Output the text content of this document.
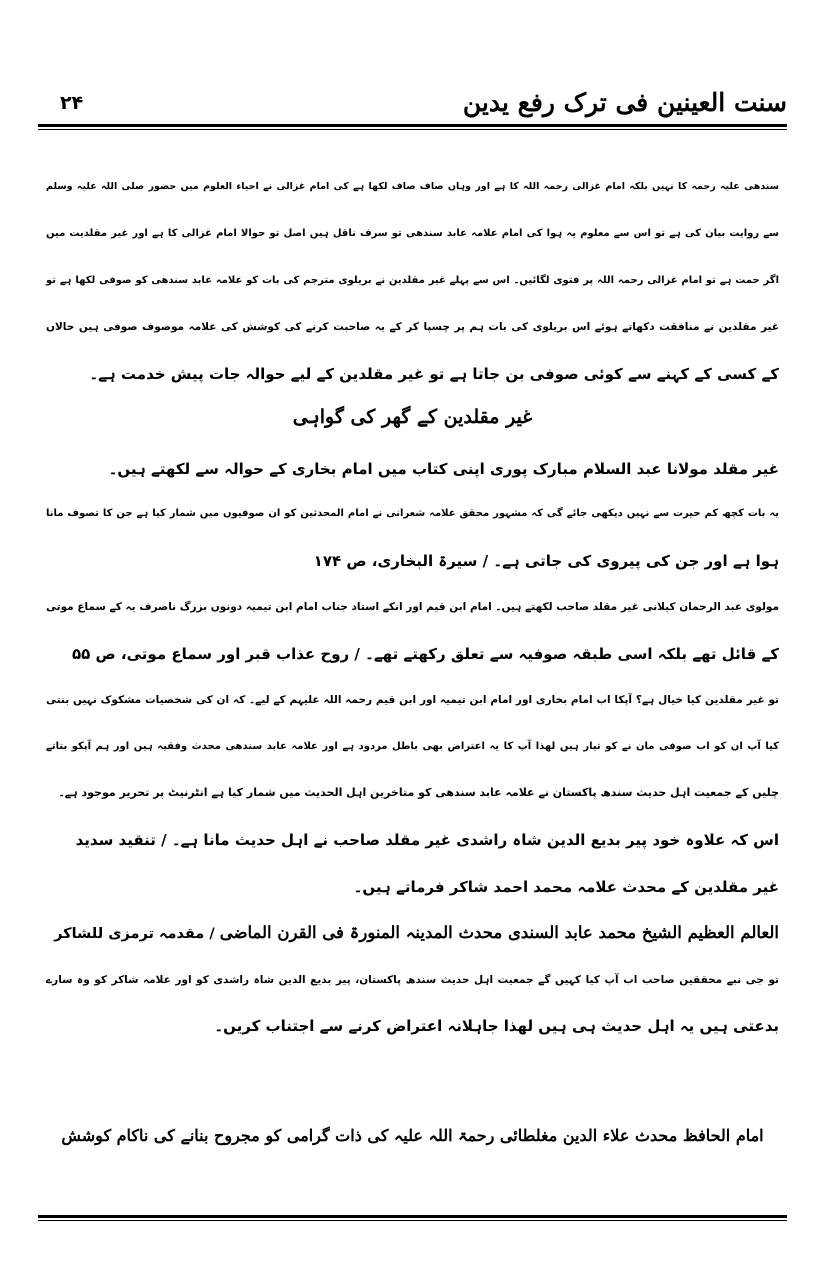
سنت العینین فی ترک رفع یدین
۲۴
سندھی علیہ رحمہ کا نہیں بلکہ امام غزالی رحمہ اللہ کا ہے اور وہاں صاف صاف لکھا ہے کی امام غزالی نے احیاء العلوم میں حضور صلی اللہ علیہ وسلم
سے روایت بیان کی ہے تو اس سے معلوم یہ ہوا کی امام علامہ عابد سندھی تو سرف ناقل ہیں اصل تو حوالا امام غزالی کا ہے اور غیر مقلدیت میں
اگر حمت ہے تو امام غزالی رحمہ اللہ پر فتوی لگائیں۔ اس سے پہلے غیر مقلدین نے بریلوی مترجم کی بات کو علامہ عابد سندھی کو صوفی لکھا ہے تو
غیر مقلدین نے منافقت دکھاتے ہوئے اس بریلوی کی بات ہم پر چسپا کر کے یہ صاحبت کرنے کی کوشش کی علامہ موصوف صوفی ہیں حالاں
کے کسی کے کہنے سے کوئی صوفی بن جاتا ہے تو غیر مقلدین کے لیے حوالہ جات پیش خدمت ہے۔
غیر مقلدین کے گھر کی گواہی
غیر مقلد مولانا عبد السلام مبارک پوری اپنی کتاب میں امام بخاری کے حوالہ سے لکھتے ہیں۔
یہ بات کچھ کم حیرت سے نہیں دیکھی جائے گی کہ مشہور محقق علامہ شعرانی نے امام المحدثین کو ان صوفیوں میں شمار کیا ہے جن کا تصوف مانا
ہوا ہے اور جن کی پیروی کی جاتی ہے۔ / سیرۃ البخاری، ص ۱۷۴
مولوی عبد الرحمان کیلانی غیر مقلد صاحب لکھتے ہیں۔ امام ابن قیم اور انکے استاد جناب امام ابن تیمیہ دونوں بزرگ ناصرف یہ کے سماع موتی
کے قائل تھے بلکہ اسی طبقہ صوفیہ سے تعلق رکھتے تھے۔ / روح عذاب قبر اور سماع موتی، ص ۵۵
تو غیر مقلدین کیا خیال ہے؟ آپکا اب امام بخاری اور امام ابن تیمیہ اور ابن قیم رحمہ اللہ علیہم کے لیے۔ کہ ان کی شخصیات مشکوک نہیں بنتی
کیا آپ ان کو اب صوفی مان نے کو تیار ہیں لھذا آپ کا یہ اعتراض بھی باطل مردود ہے اور علامہ عابد سندھی محدث وفقیہ ہیں اور ہم آپکو بتاتے
چلیں کے جمعیت اہل حدیث سندھ پاکستان نے علامہ عابد سندھی کو متاخرین اہل الحدیث میں شمار کیا ہے انٹرنیٹ پر تحریر موجود ہے۔
اس کہ علاوہ خود پیر بدیع الدین شاہ راشدی غیر مقلد صاحب نے اہل حدیث مانا ہے۔ / تنقید سدید
غیر مقلدین کے محدث علامہ محمد احمد شاکر فرماتے ہیں۔
العالم العظیم الشیخ محمد عابد السندی محدث المدینہ المنورۃ فی القرن الماضی / مقدمہ ترمزی للشاکر
تو جی نبے محققین صاحب اب آپ کیا کہیں گے جمعیت اہل حدیث سندھ پاکستان، پیر بدیع الدین شاہ راشدی کو اور علامہ شاکر کو وہ سارے
بدعتی ہیں یہ اہل حدیث ہی ہیں لھذا جاہلانہ اعتراض کرنے سے اجتناب کریں۔
امام الحافظ محدث علاء الدین مغلطائی رحمۃ اللہ علیہ کی ذات گرامی کو مجروح بنانے کی ناکام کوشش
